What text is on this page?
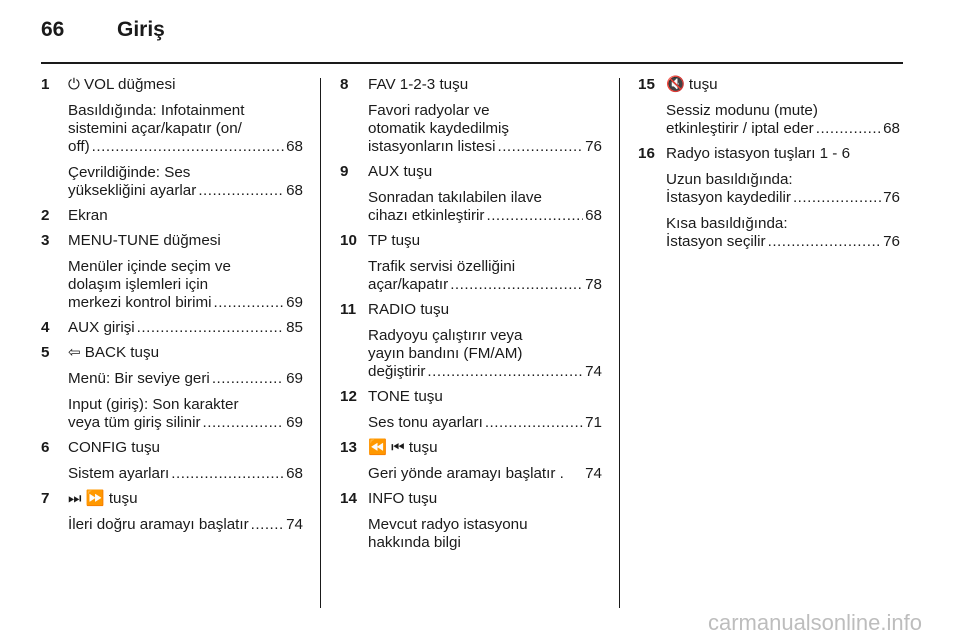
66	Giriş
1 ⏻ VOL düğmesi
Basıldığında: Infotainment
sistemini açar/kapatır (on/
off) .....	68
Çevrildiğinde: Ses
yüksekliğini ayarlar .....	68
2 Ekran
3 MENU-TUNE düğmesi
Menüler içinde seçim ve
dolaşım işlemleri için
merkezi kontrol birimi .....	69
4 AUX girişi .....	85
5 ⇦ BACK tuşu
Menü: Bir seviye geri .....	69
Input (giriş): Son karakter
veya tüm giriş silinir .....	69
6 CONFIG tuşu
Sistem ayarları .....	68
7 ⏭ ⏩ tuşu
İleri doğru aramayı başlatır ..... 74
8 FAV 1-2-3 tuşu
Favori radyolar ve
otomatik kaydedilmiş
istasyonların listesi .....	76
9 AUX tuşu
Sonradan takılabilen ilave
cihazı etkinleştirir .....	68
10 TP tuşu
Trafik servisi özelliğini
açar/kapatır .....	78
11 RADIO tuşu
Radyoyu çalıştırır veya
yayın bandını (FM/AM)
değiştirir .....	74
12 TONE tuşu
Ses tonu ayarları .....	71
13 ⏪ ⏮ tuşu
Geri yönde aramayı başlatır . 74
14 INFO tuşu
Mevcut radyo istasyonu
hakkında bilgi
15 🔇 tuşu
Sessiz modunu (mute)
etkinleştirir / iptal eder .....	68
16 Radyo istasyon tuşları 1 - 6
Uzun basıldığında:
İstasyon kaydedilir .....	76
Kısa basıldığında:
İstasyon seçilir .....	76
carmanualsonline.info
